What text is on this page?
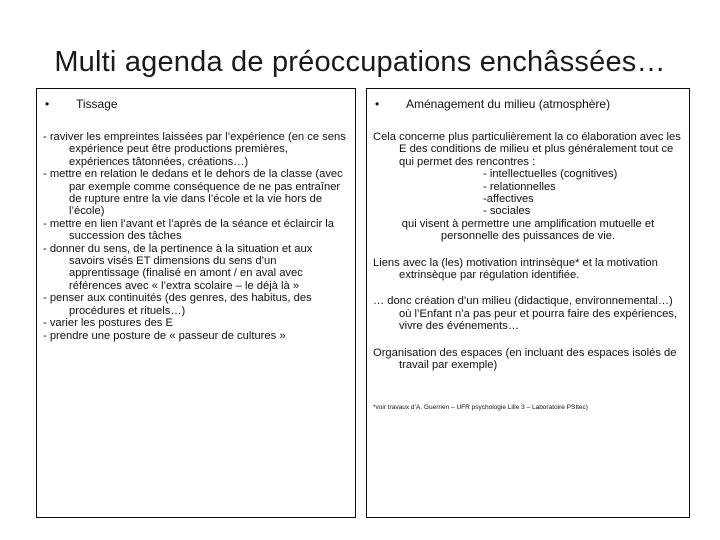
Multi agenda de préoccupations enchâssées…
• Tissage
- raviver les empreintes laissées par l’expérience (en ce sens expérience peut être productions premières, expériences tâtonnées, créations…)
- mettre en relation le dedans et le dehors de la classe (avec par exemple comme conséquence de ne pas entraîner de rupture entre la vie dans l’école et la vie hors de l’école)
- mettre en lien l’avant et l’après de la séance et éclaircir la succession des tâches
- donner du sens, de la pertinence à la situation et aux savoirs visés ET dimensions du sens d’un apprentissage (finalisé en amont / en aval avec références avec « l’extra scolaire – le déjà là »
- penser aux continuités (des genres, des habitus, des procédures et rituels…)
- varier les postures des E
- prendre une posture de « passeur de cultures »
• Aménagement du milieu (atmosphère)
Cela concerne plus particulièrement la co élaboration avec les E des conditions de milieu et plus généralement tout ce qui permet des rencontres :
- intellectuelles (cognitives)
- relationnelles
-affectives
- sociales
qui visent à permettre une amplification mutuelle et personnelle des puissances de vie.
Liens avec la (les) motivation intrinsèque* et la motivation extrinsèque par régulation identifiée.
… donc création d’un milieu (didactique, environnemental…) où l’Enfant n’a pas peur et pourra faire des expériences, vivre des événements…
Organisation des espaces (en incluant des espaces isolés de travail par exemple)
*voir travaux d’A. Guerrien – UFR psychologie Lille 3 – Laboratoire PSItec)
